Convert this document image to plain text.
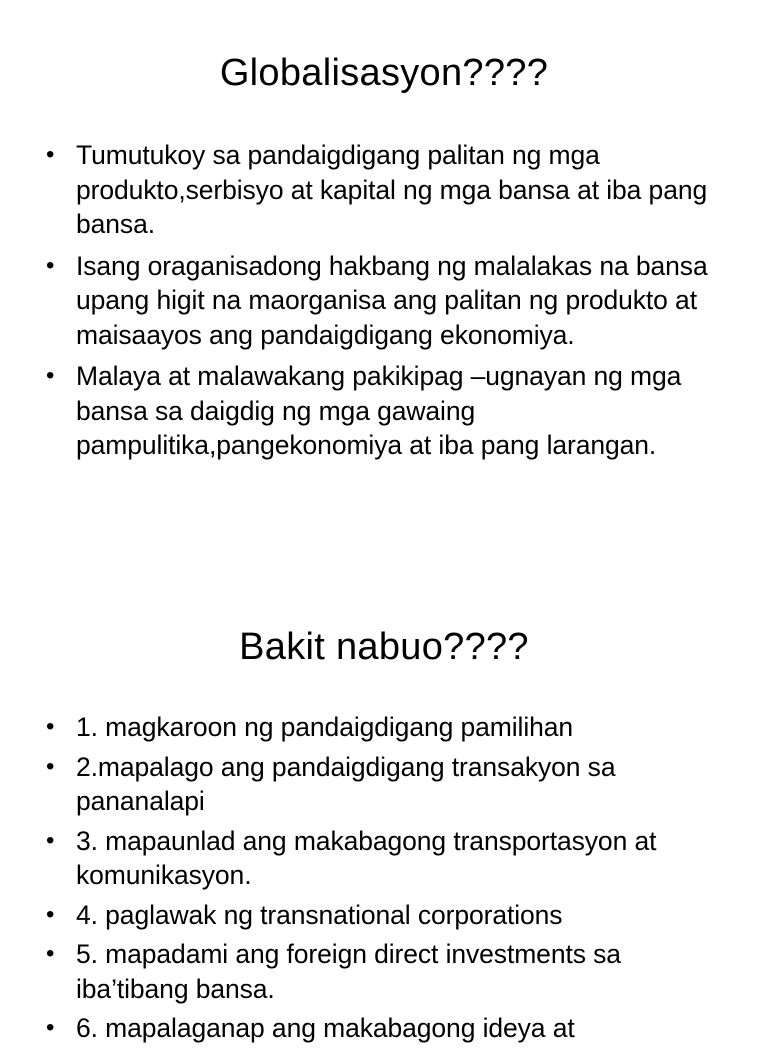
Globalisasyon????
• Tumutukoy sa pandaigdigang palitan ng mga produkto,serbisyo at kapital ng mga bansa at iba pang bansa.
• Isang oraganisadong hakbang ng malalakas na bansa upang higit na maorganisa ang palitan ng produkto at maisaayos ang pandaigdigang ekonomiya.
• Malaya at malawakang pakikipag –ugnayan ng mga bansa sa daigdig ng mga gawaing pampulitika,pangekonomiya at iba pang larangan.
Bakit nabuo????
• 1. magkaroon ng pandaigdigang pamilihan
• 2.mapalago ang pandaigdigang transakyon sa pananalapi
• 3. mapaunlad ang makabagong transportasyon at komunikasyon.
• 4. paglawak ng transnational corporations
• 5. mapadami ang foreign direct investments sa iba’tibang bansa.
• 6. mapalaganap ang makabagong ideya at
